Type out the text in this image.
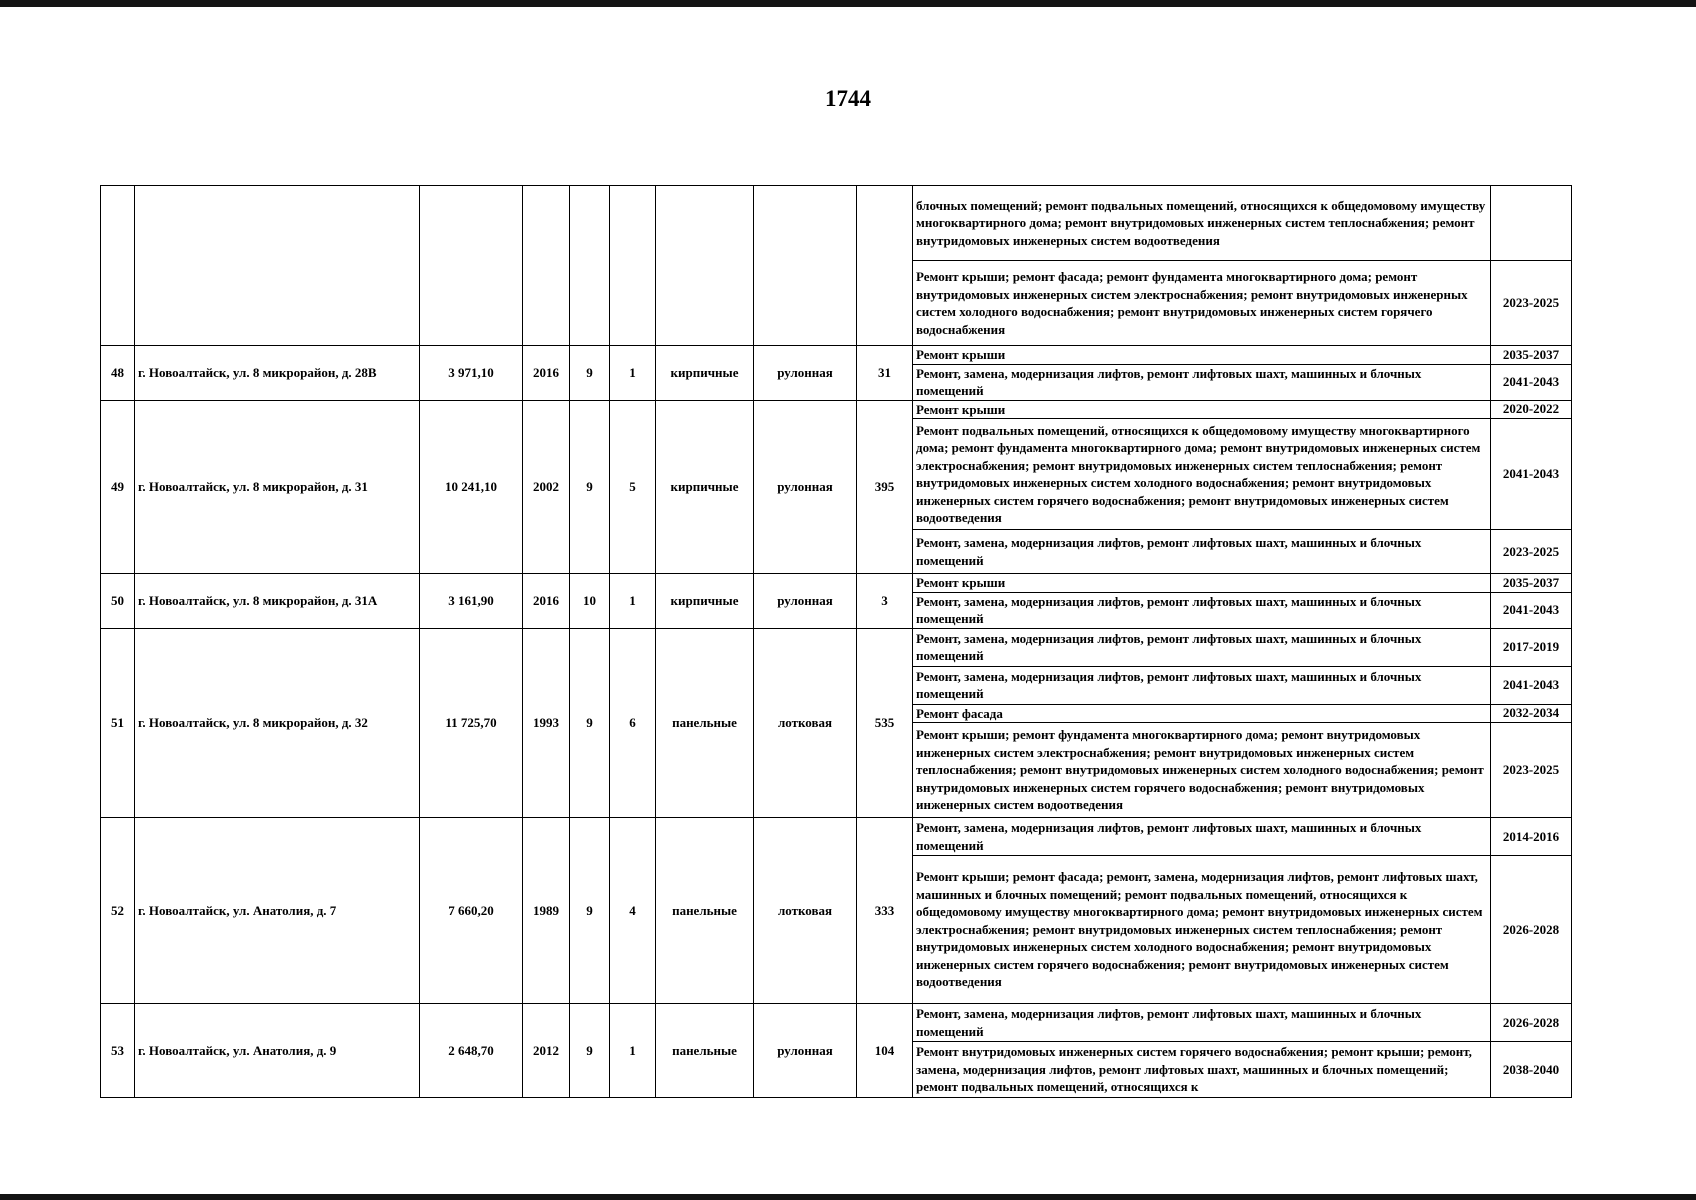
1744
									блочных помещений; ремонт подвальных помещений, относящихся к общедомовому имуществу многоквартирного дома; ремонт внутридомовых инженерных систем теплоснабжения; ремонт внутридомовых инженерных систем водоотведения	
									Ремонт крыши; ремонт фасада; ремонт фундамента многоквартирного дома; ремонт внутридомовых инженерных систем электроснабжения; ремонт внутридомовых инженерных систем холодного водоснабжения; ремонт внутридомовых инженерных систем горячего водоснабжения	2023-2025
48	г. Новоалтайск, ул. 8 микрорайон, д. 28В	3 971,10	2016	9	1	кирпичные	рулонная	31	Ремонт крыши	2035-2037
									Ремонт, замена, модернизация лифтов, ремонт лифтовых шахт, машинных и блочных помещений	2041-2043
49	г. Новоалтайск, ул. 8 микрорайон, д. 31	10 241,10	2002	9	5	кирпичные	рулонная	395	Ремонт крыши	2020-2022
									Ремонт подвальных помещений, относящихся к общедомовому имуществу многоквартирного дома; ремонт фундамента многоквартирного дома; ремонт внутридомовых инженерных систем электроснабжения; ремонт внутридомовых инженерных систем теплоснабжения; ремонт внутридомовых инженерных систем холодного водоснабжения; ремонт внутридомовых инженерных систем горячего водоснабжения; ремонт внутридомовых инженерных систем водоотведения	2041-2043
									Ремонт, замена, модернизация лифтов, ремонт лифтовых шахт, машинных и блочных помещений	2023-2025
50	г. Новоалтайск, ул. 8 микрорайон, д. 31А	3 161,90	2016	10	1	кирпичные	рулонная	3	Ремонт крыши	2035-2037
									Ремонт, замена, модернизация лифтов, ремонт лифтовых шахт, машинных и блочных помещений	2041-2043
51	г. Новоалтайск, ул. 8 микрорайон, д. 32	11 725,70	1993	9	6	панельные	лотковая	535	Ремонт, замена, модернизация лифтов, ремонт лифтовых шахт, машинных и блочных помещений	2017-2019
									Ремонт, замена, модернизация лифтов, ремонт лифтовых шахт, машинных и блочных помещений	2041-2043
									Ремонт фасада	2032-2034
									Ремонт крыши; ремонт фундамента многоквартирного дома; ремонт внутридомовых инженерных систем электроснабжения; ремонт внутридомовых инженерных систем теплоснабжения; ремонт внутридомовых инженерных систем холодного водоснабжения; ремонт внутридомовых инженерных систем горячего водоснабжения; ремонт внутридомовых инженерных систем водоотведения	2023-2025
52	г. Новоалтайск, ул. Анатолия, д. 7	7 660,20	1989	9	4	панельные	лотковая	333	Ремонт, замена, модернизация лифтов, ремонт лифтовых шахт, машинных и блочных помещений	2014-2016
									Ремонт крыши; ремонт фасада; ремонт, замена, модернизация лифтов, ремонт лифтовых шахт, машинных и блочных помещений; ремонт подвальных помещений, относящихся к общедомовому имуществу многоквартирного дома; ремонт внутридомовых инженерных систем электроснабжения; ремонт внутридомовых инженерных систем теплоснабжения; ремонт внутридомовых инженерных систем холодного водоснабжения; ремонт внутридомовых инженерных систем горячего водоснабжения; ремонт внутридомовых инженерных систем водоотведения	2026-2028
53	г. Новоалтайск, ул. Анатолия, д. 9	2 648,70	2012	9	1	панельные	рулонная	104	Ремонт, замена, модернизация лифтов, ремонт лифтовых шахт, машинных и блочных помещений	2026-2028
									Ремонт внутридомовых инженерных систем горячего водоснабжения; ремонт крыши; ремонт, замена, модернизация лифтов, ремонт лифтовых шахт, машинных и блочных помещений; ремонт подвальных помещений, относящихся к	2038-2040
